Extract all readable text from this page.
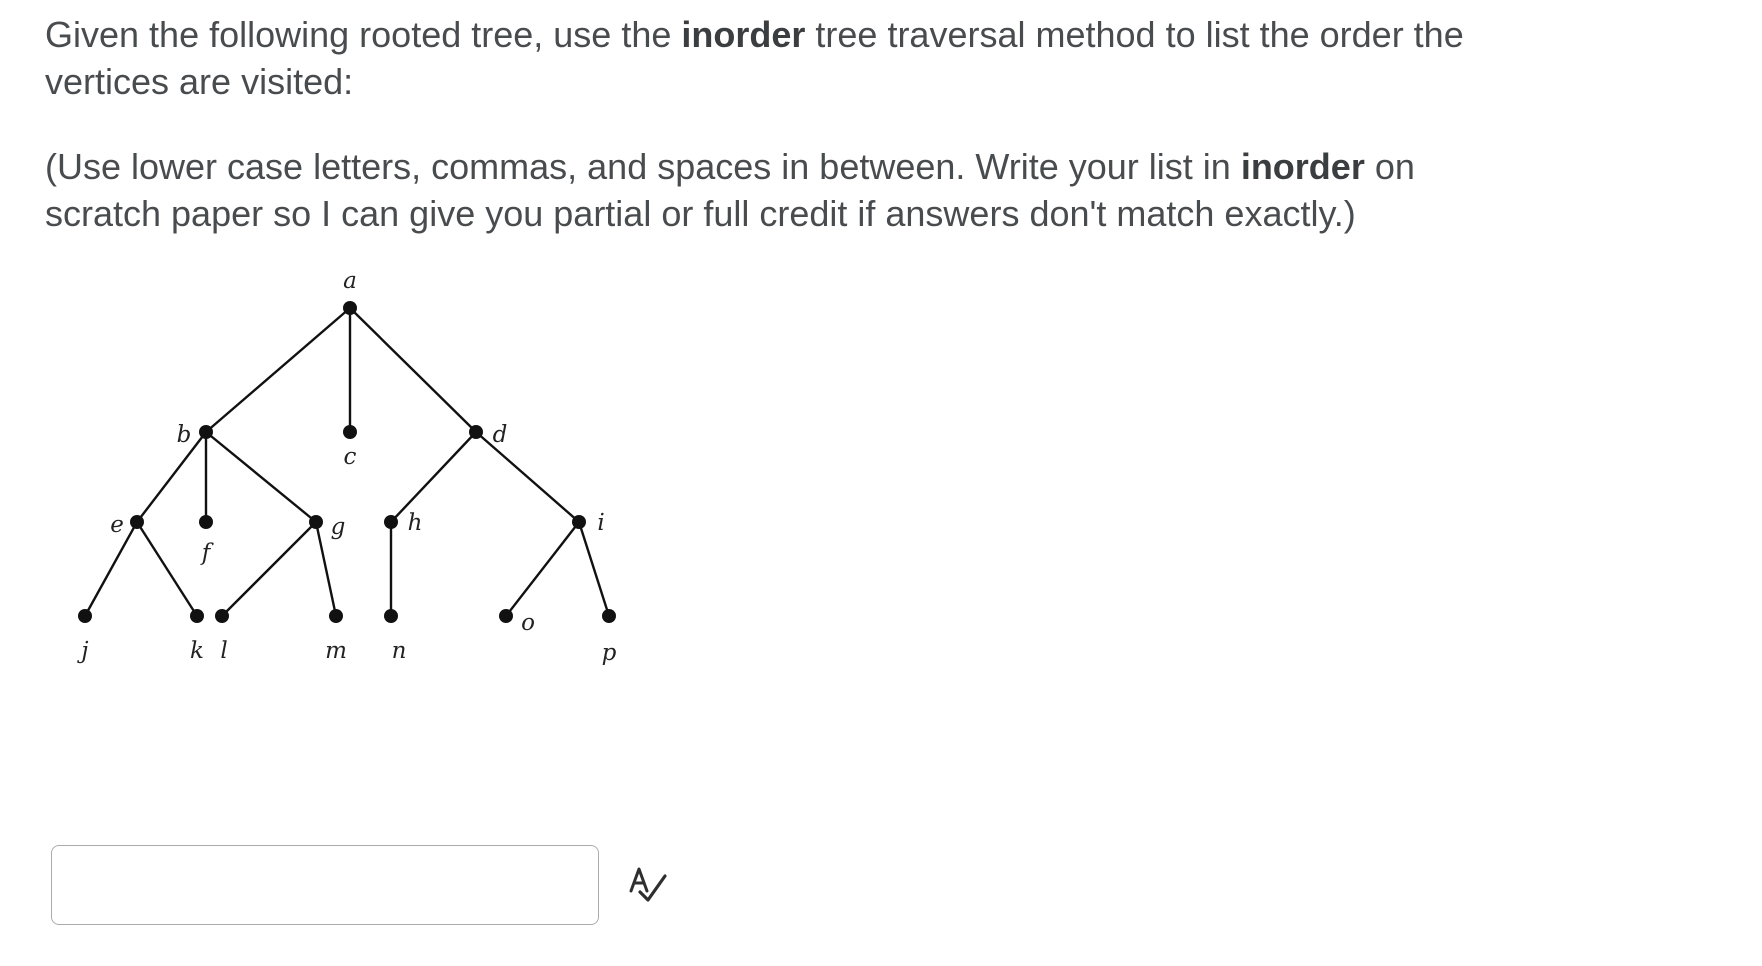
Given the following rooted tree, use the inorder tree traversal method to list the order the vertices are visited:

(Use lower case letters, commas, and spaces in between. Write your list in inorder on scratch paper so I can give you partial or full credit if answers don't match exactly.)

a
b
c
d
e
f
g	h	i
j	k l	m n
o
p
